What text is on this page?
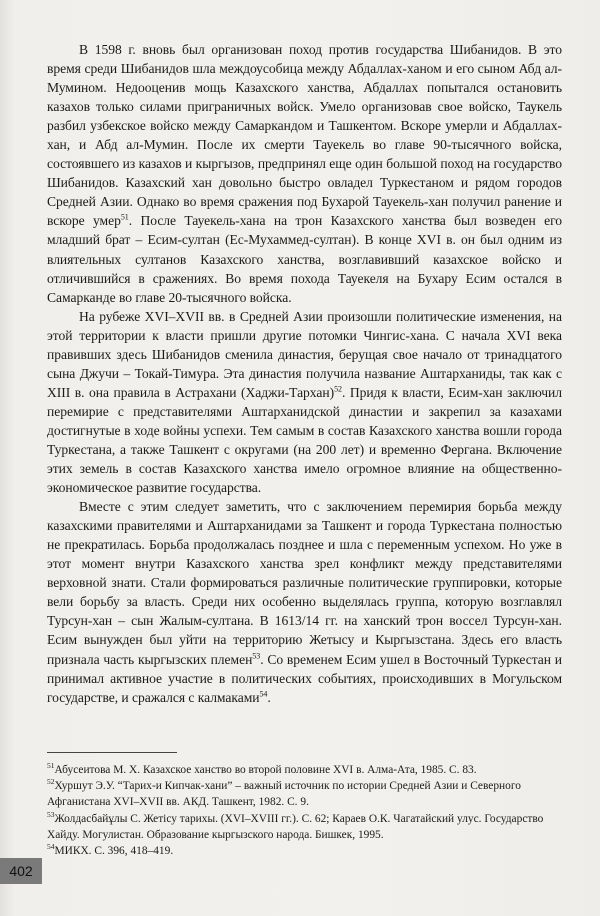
В 1598 г. вновь был организован поход против государства Шибанидов. В это время среди Шибанидов шла междоусобица между Абдаллах-ханом и его сыном Абд ал-Мумином. Недооценив мощь Казахского ханства, Абдаллах попытался остановить казахов только силами приграничных войск. Умело организовав свое войско, Таукель разбил узбекское войско между Самаркандом и Ташкентом. Вскоре умерли и Абдаллах-хан, и Абд ал-Мумин. После их смерти Тауекель во главе 90-тысячного войска, состоявшего из казахов и кыргызов, предпринял еще один большой поход на государство Шибанидов. Казахский хан довольно быстро овладел Туркестаном и рядом городов Средней Азии. Однако во время сражения под Бухарой Тауекель-хан получил ранение и вскоре умер$^{51}$. После Тауекель-хана на трон Казахского ханства был возведен его младший брат – Есим-султан (Ес-Мухаммед-султан). В конце XVI в. он был одним из влиятельных султанов Казахского ханства, возглавивший казахское войско и отличившийся в сражениях. Во время похода Тауекеля на Бухару Есим остался в Самарканде во главе 20-тысячного войска.

На рубеже XVI–XVII вв. в Средней Азии произошли политические изменения, на этой территории к власти пришли другие потомки Чингис-хана. С начала XVI века правивших здесь Шибанидов сменила династия, берущая свое начало от тринадцатого сына Джучи – Токай-Тимура. Эта династия получила название Аштарханиды, так как с XIII в. она правила в Астрахани (Хаджи-Тархан)$^{52}$. Придя к власти, Есим-хан заключил перемирие с представителями Аштарханидской династии и закрепил за казахами достигнутые в ходе войны успехи. Тем самым в состав Казахского ханства вошли города Туркестана, а также Ташкент с округами (на 200 лет) и временно Фергана. Включение этих земель в состав Казахского ханства имело огромное влияние на общественно-экономическое развитие государства.

Вместе с этим следует заметить, что с заключением перемирия борьба между казахскими правителями и Аштарханидами за Ташкент и города Туркестана полностью не прекратилась. Борьба продолжалась позднее и шла с переменным успехом. Но уже в этот момент внутри Казахского ханства зрел конфликт между представителями верховной знати. Стали формироваться различные политические группировки, которые вели борьбу за власть. Среди них особенно выделялась группа, которую возглавлял Турсун-хан – сын Жалым-султана. В 1613/14 гг. на ханский трон воссел Турсун-хан. Есим вынужден был уйти на территорию Жетысу и Кыргызстана. Здесь его власть признала часть кыргызских племен$^{53}$. Со временем Есим ушел в Восточный Туркестан и принимал активное участие в политических событиях, происходивших в Могульском государстве, и сражался с калмаками$^{54}$.

$^{51}$Абусеитова М. Х. Казахское ханство во второй половине XVI в. Алма-Ата, 1985. С. 83.

$^{52}$Хуршут Э.У. “Тарих-и Кипчак-хани” – важный источник по истории Средней Азии и Северного Афганистана XVI–XVII вв. АКД. Ташкент, 1982. С. 9.

$^{53}$Жолдасбайұлы С. Жетісу тарихы. (XVI–XVIII гг.). С. 62; Караев О.К. Чагатайский улус. Государство Хайду. Могулистан. Образование кыргызского народа. Бишкек, 1995.

$^{54}$МИКХ. С. 396, 418–419.

402
